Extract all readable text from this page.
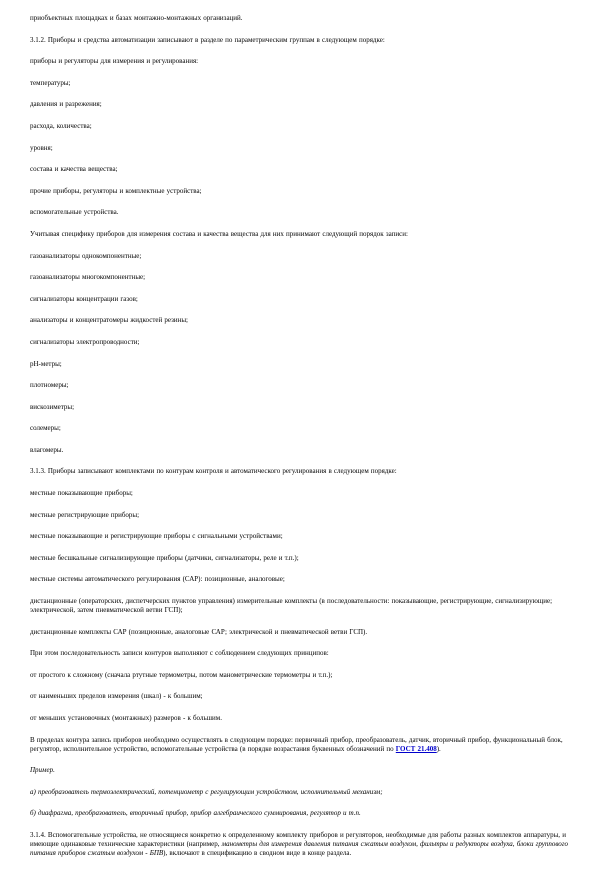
приобъектных площадках и базах монтажно-монтажных организаций.

3.1.2. Приборы и средства автоматизации записывают в разделе по параметрическим группам в следующем порядке:

приборы и регуляторы для измерения и регулирования:

температуры;

давления и разрежения;

расхода, количества;

уровня;

состава и качества вещества;

прочие приборы, регуляторы и комплектные устройства;

вспомогательные устройства.

Учитывая специфику приборов для измерения состава и качества вещества для них принимают следующий порядок записи:

газоанализаторы однокомпонентные;

газоанализаторы многокомпонентные;

сигнализаторы концентрации газов;

анализаторы и концентратомеры жидкостей резины;

сигнализаторы электропроводности;

pH-метры;

плотномеры;

вискозиметры;

солемеры;

влагомеры.

3.1.3. Приборы записывают комплектами по контурам контроля и автоматического регулирования в следующем порядке:

местные показывающие приборы;

местные регистрирующие приборы;

местные показывающие и регистрирующие приборы с сигнальными устройствами;

местные бесшкальные сигнализирующие приборы (датчики, сигнализаторы, реле и т.п.);

местные системы автоматического регулирования (САР): позиционные, аналоговые;

дистанционные (операторских, диспетчерских пунктов управления) измерительные комплекты (в последовательности: показывающие, регистрирующие, сигнализирующие; электрической, затем пневматической ветви ГСП);

дистанционные комплекты САР (позиционные, аналоговые САР; электрической и пневматической ветви ГСП).

При этом последовательность записи контуров выполняют с соблюдением следующих принципов:

от простого к сложному (сначала ртутные термометры, потом манометрические термометры и т.п.);

от наименьших пределов измерения (шкал) - к большим;

от меньших установочных (монтажных) размеров - к большим.

В пределах контура запись приборов необходимо осуществлять в следующем порядке: первичный прибор, преобразователь, датчик, вторичный прибор, функциональный блок, регулятор, исполнительное устройство, вспомогательные устройства (в порядке возрастания буквенных обозначений по ГОСТ 21.408).

Пример.

а) преобразователь термоэлектрический, потенциометр с регулирующим устройством, исполнительный механизм;

б) диафрагма, преобразователь, вторичный прибор, прибор алгебраического суммирования, регулятор и т.п.

3.1.4. Вспомогательные устройства, не относящиеся конкретно к определенному комплекту приборов и регуляторов, необходимые для работы разных комплектов аппаратуры, и имеющие одинаковые технические характеристики (например, манометры для измерения давления питания сжатым воздухом, фильтры и редукторы воздуха, блоки группового питания приборов сжатым воздухом - БПВ), включают в спецификацию в сводном виде в конце раздела.
